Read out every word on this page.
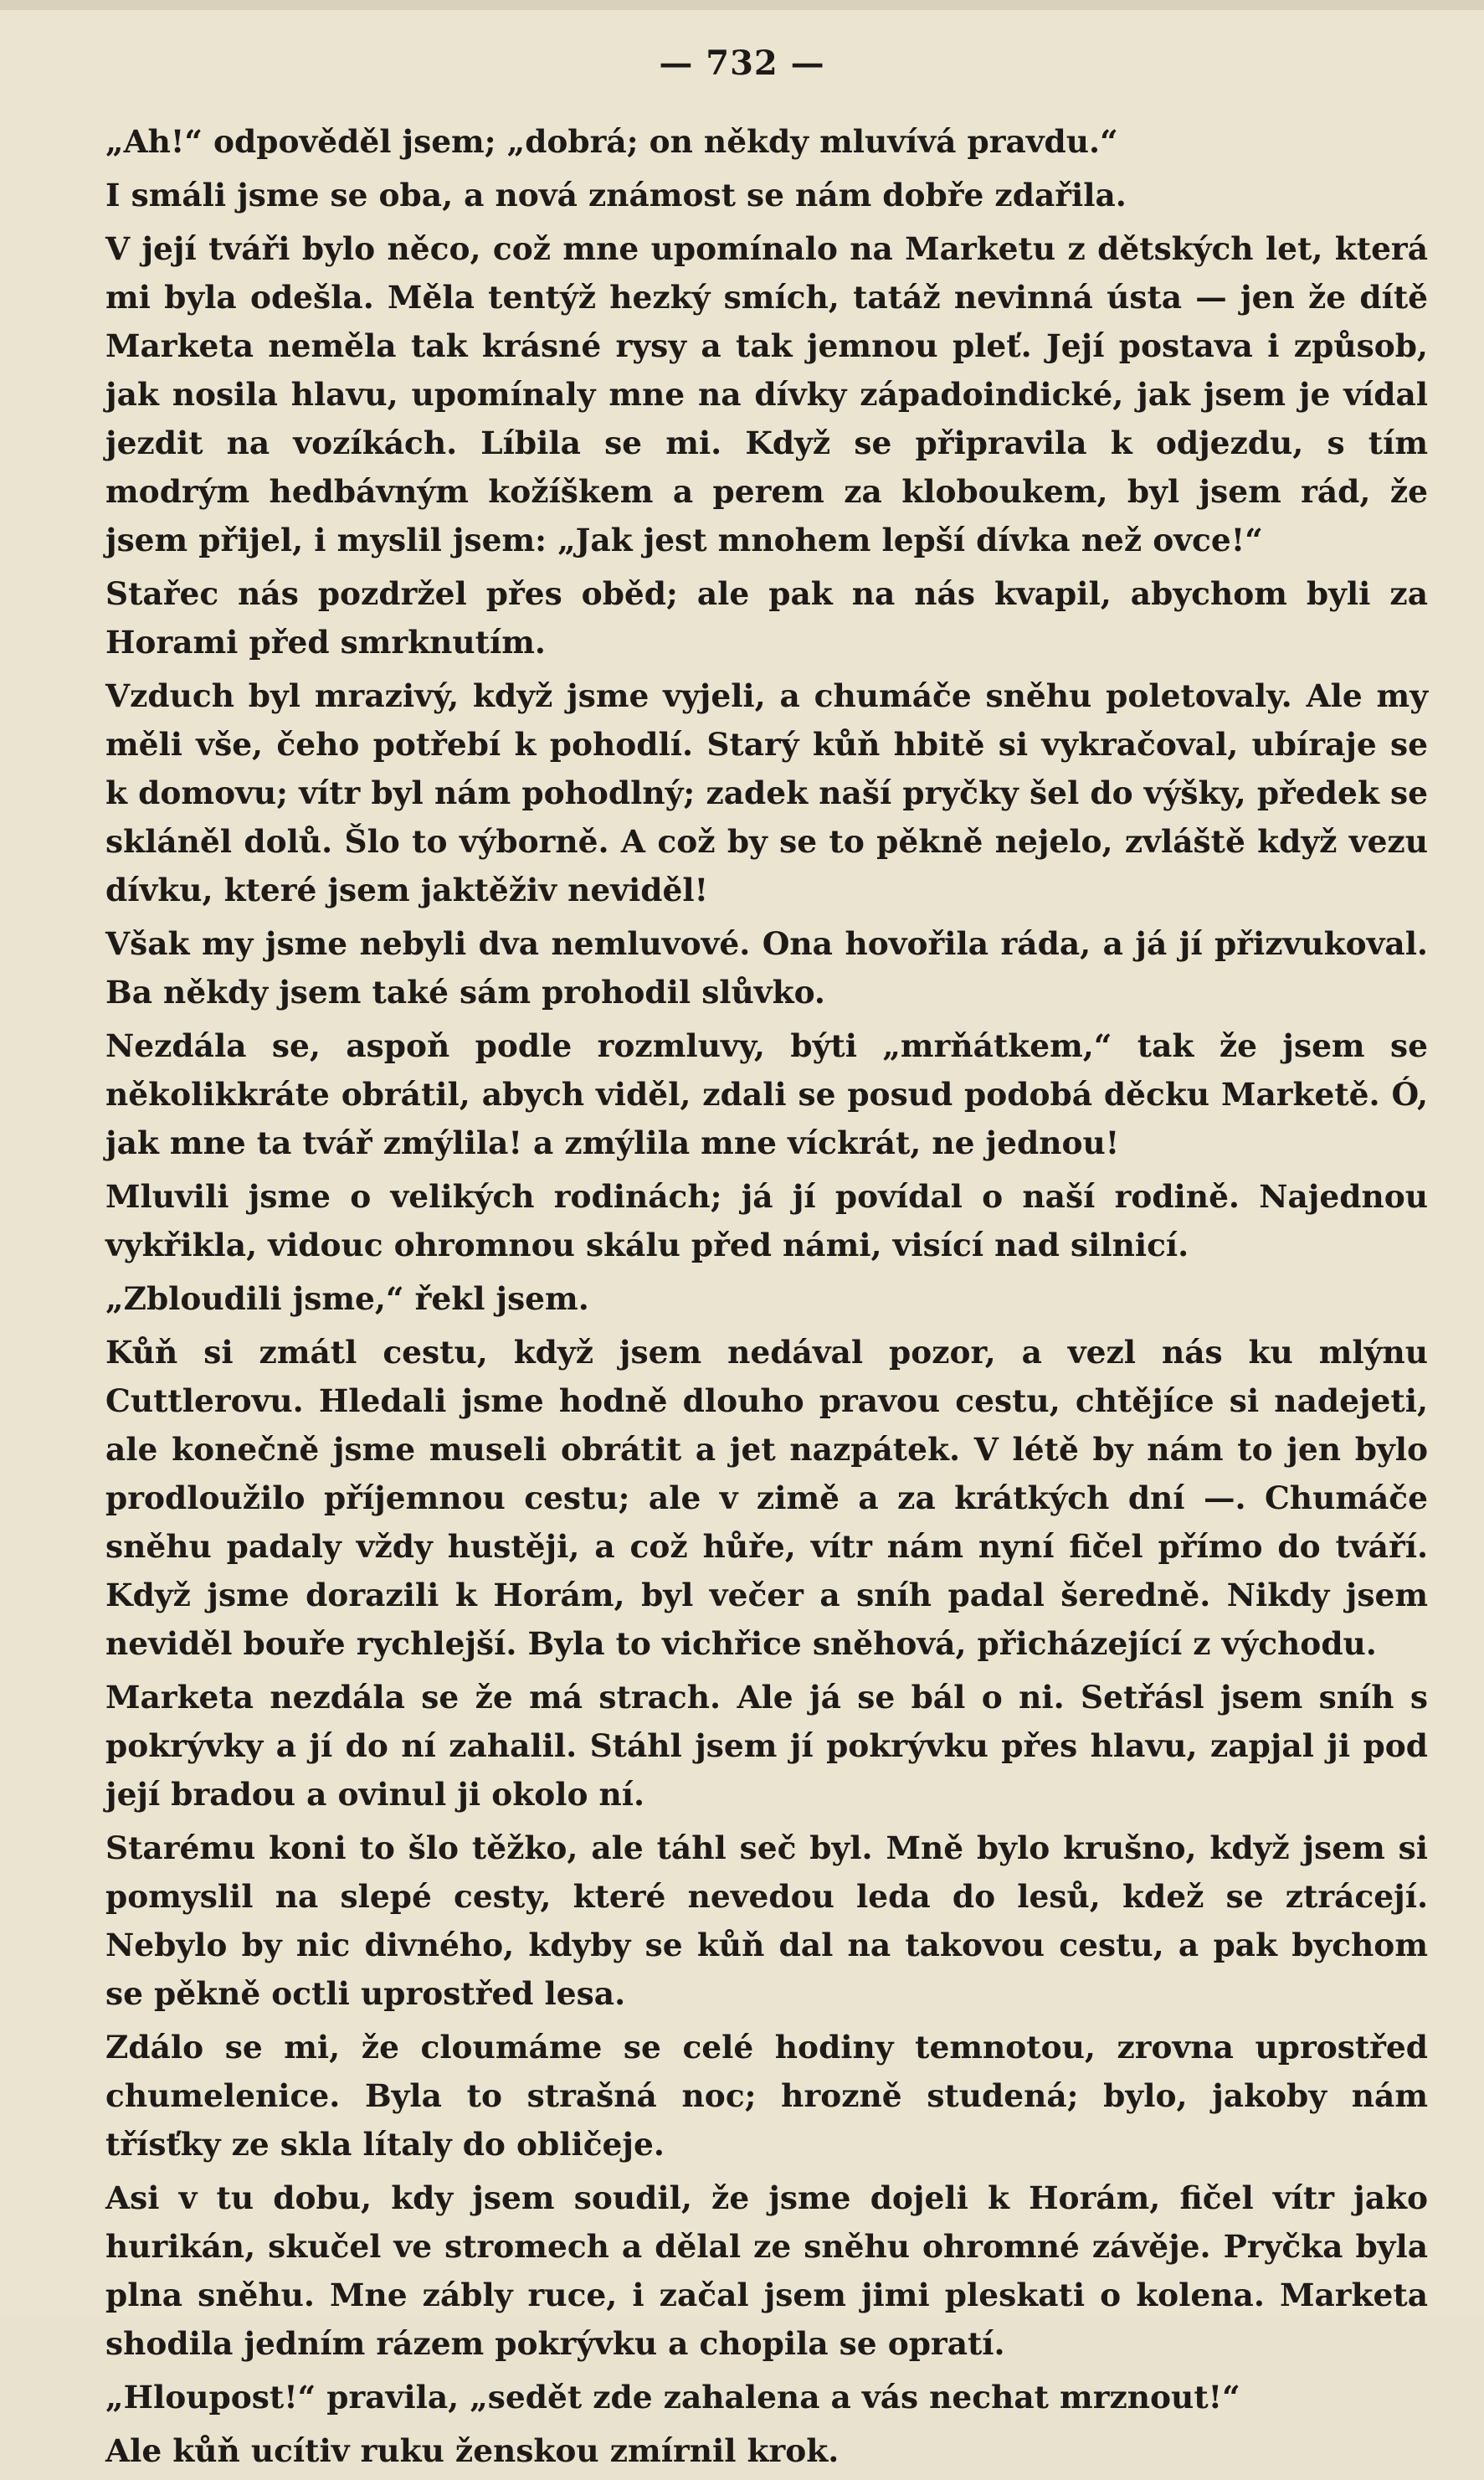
— 732 —

„Ah!“ odpověděl jsem; „dobrá; on někdy mluvívá pravdu.“

I smáli jsme se oba, a nová známost se nám dobře zdařila.

V její tváři bylo něco, což mne upomínalo na Marketu z dětských let, která mi byla odešla. Měla tentýž hezký smích, tatáž nevinná ústa — jen že dítě Marketa neměla tak krásné rysy a tak jemnou pleť. Její postava i způsob, jak nosila hlavu, upomínaly mne na dívky západoindické, jak jsem je vídal jezdit na vozíkách. Líbila se mi. Když se připravila k odjezdu, s tím modrým hedbávným kožíškem a perem za kloboukem, byl jsem rád, že jsem přijel, i myslil jsem: „Jak jest mnohem lepší dívka než ovce!“

Stařec nás pozdržel přes oběd; ale pak na nás kvapil, abychom byli za Horami před smrknutím.

Vzduch byl mrazivý, když jsme vyjeli, a chumáče sněhu poletovaly. Ale my měli vše, čeho potřebí k pohodlí. Starý kůň hbitě si vykračoval, ubíraje se k domovu; vítr byl nám pohodlný; zadek naší pryčky šel do výšky, předek se skláněl dolů. Šlo to výborně. A což by se to pěkně nejelo, zvláště když vezu dívku, které jsem jaktěživ neviděl!

Však my jsme nebyli dva nemluvové. Ona hovořila ráda, a já jí přizvukoval. Ba někdy jsem také sám prohodil slůvko.

Nezdála se, aspoň podle rozmluvy, býti „mrňátkem,“ tak že jsem se několikkráte obrátil, abych viděl, zdali se posud podobá děcku Marketě. Ó, jak mne ta tvář zmýlila! a zmýlila mne víckrát, ne jednou!

Mluvili jsme o velikých rodinách; já jí povídal o naší rodině. Najednou vykřikla, vidouc ohromnou skálu před námi, visící nad silnicí.

„Zbloudili jsme,“ řekl jsem.

Kůň si zmátl cestu, když jsem nedával pozor, a vezl nás ku mlýnu Cuttlerovu. Hledali jsme hodně dlouho pravou cestu, chtějíce si nadejeti, ale konečně jsme museli obrátit a jet nazpátek. V létě by nám to jen bylo prodloužilo příjemnou cestu; ale v zimě a za krátkých dní —. Chumáče sněhu padaly vždy hustěji, a což hůře, vítr nám nyní fičel přímo do tváří. Když jsme dorazili k Horám, byl večer a sníh padal šeredně. Nikdy jsem neviděl bouře rychlejší. Byla to vichřice sněhová, přicházející z východu.

Marketa nezdála se že má strach. Ale já se bál o ni. Setřásl jsem sníh s pokrývky a jí do ní zahalil. Stáhl jsem jí pokrývku přes hlavu, zapjal ji pod její bradou a ovinul ji okolo ní.

Starému koni to šlo těžko, ale táhl seč byl. Mně bylo krušno, když jsem si pomyslil na slepé cesty, které nevedou leda do lesů, kdež se ztrácejí. Nebylo by nic divného, kdyby se kůň dal na takovou cestu, a pak bychom se pěkně octli uprostřed lesa.

Zdálo se mi, že cloumáme se celé hodiny temnotou, zrovna uprostřed chumelenice. Byla to strašná noc; hrozně studená; bylo, jakoby nám třísťky ze skla lítaly do obličeje.

Asi v tu dobu, kdy jsem soudil, že jsme dojeli k Horám, fičel vítr jako hurikán, skučel ve stromech a dělal ze sněhu ohromné závěje. Pryčka byla plna sněhu. Mne zábly ruce, i začal jsem jimi pleskati o kolena. Marketa shodila jedním rázem pokrývku a chopila se opratí.

„Hloupost!“ pravila, „sedět zde zahalena a vás nechat mrznout!“

Ale kůň ucítiv ruku ženskou zmírnil krok.
